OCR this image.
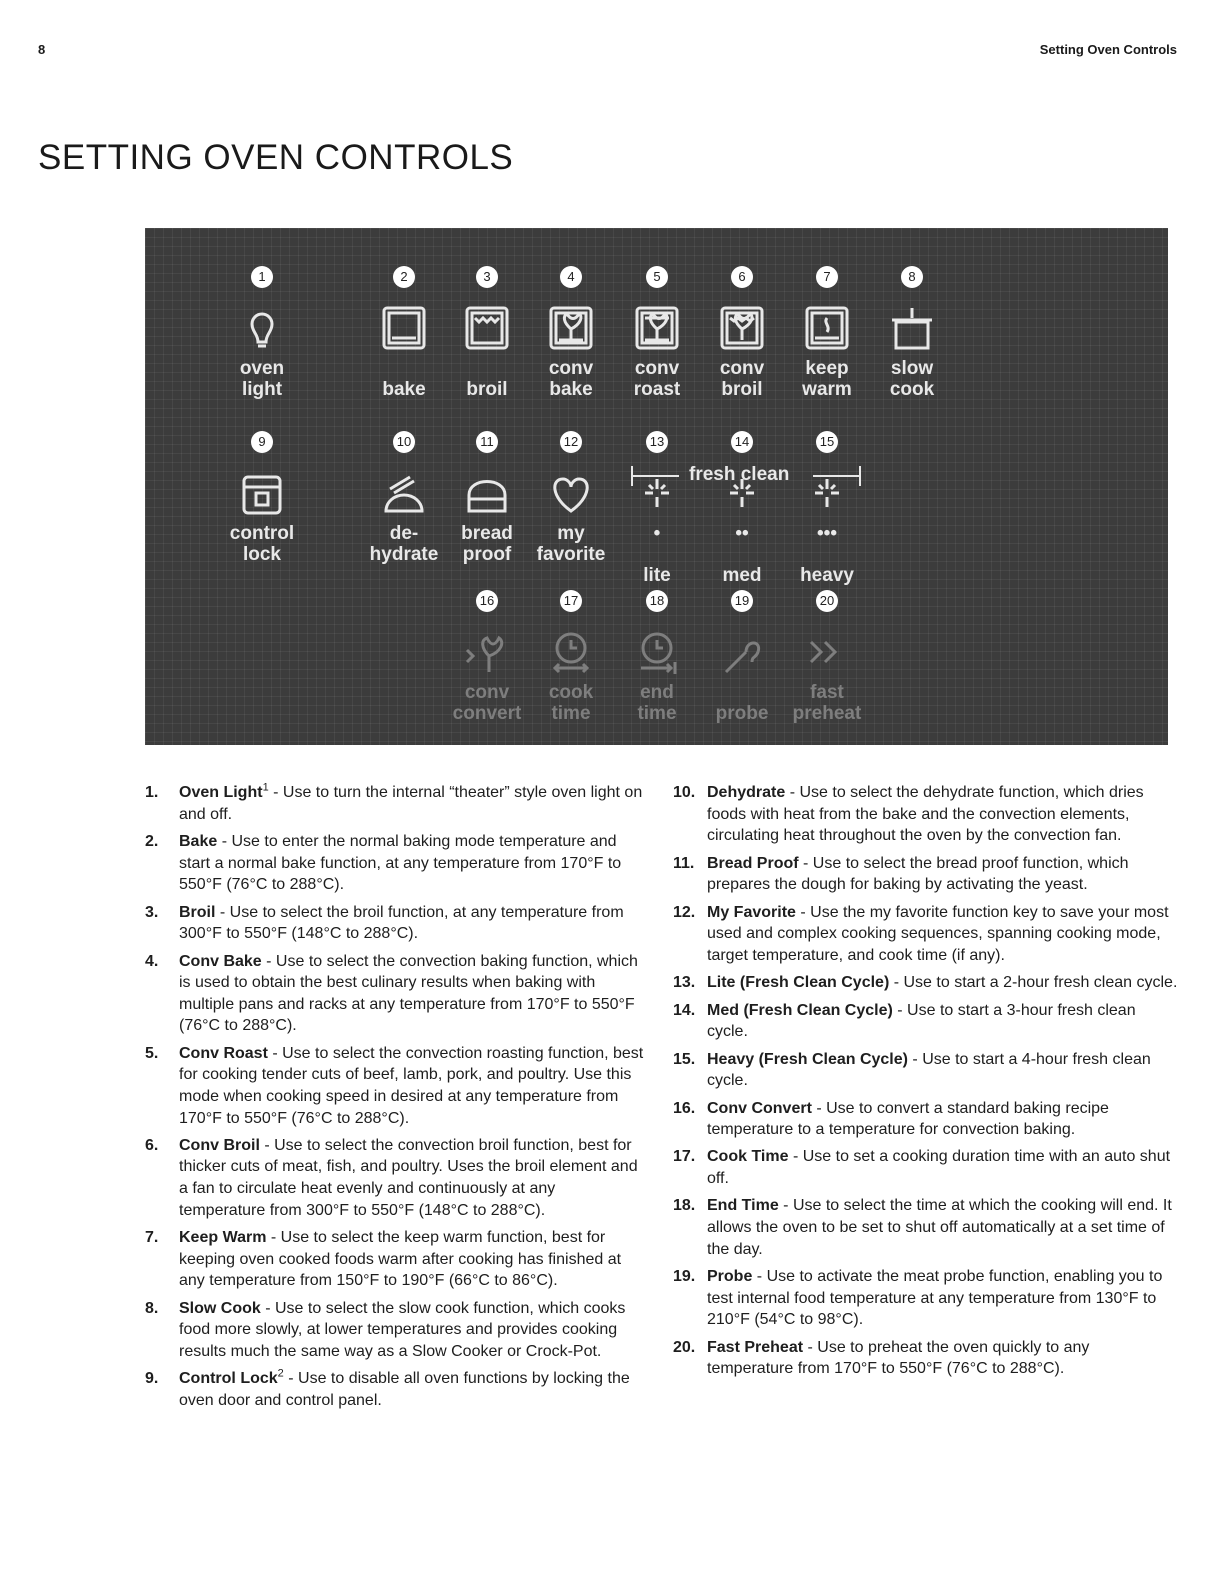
8	Setting Oven Controls
SETTING OVEN CONTROLS
fresh clean
1
oven
light
2

bake
3

broil
4
conv
bake
5
conv
roast
6
conv
broil
7
keep
warm
8
slow
cook
9
control
lock
10
de-
hydrate
11
bread
proof
12
my
favorite
13
•

lite
14
••

med
15
•••

heavy
16
conv
convert
17
cook
time
18
end
time
19

probe
20
fast
preheat
1. Oven Light$^1$ - Use to turn the internal “theater” style oven light on and off.
2. Bake - Use to enter the normal baking mode temperature and start a normal bake function, at any temperature from 170°F to 550°F (76°C to 288°C).
3. Broil - Use to select the broil function, at any temperature from 300°F to 550°F (148°C to 288°C).
4. Conv Bake - Use to select the convection baking function, which is used to obtain the best culinary results when baking with multiple pans and racks at any temperature from 170°F to 550°F (76°C to 288°C).
5. Conv Roast - Use to select the convection roasting function, best for cooking tender cuts of beef, lamb, pork, and poultry. Use this mode when cooking speed in desired at any temperature from 170°F to 550°F (76°C to 288°C).
6. Conv Broil - Use to select the convection broil function, best for thicker cuts of meat, fish, and poultry. Uses the broil element and a fan to circulate heat evenly and continuously at any temperature from 300°F to 550°F (148°C to 288°C).
7. Keep Warm - Use to select the keep warm function, best for keeping oven cooked foods warm after cooking has finished at any temperature from 150°F to 190°F (66°C to 86°C).
8. Slow Cook - Use to select the slow cook function, which cooks food more slowly, at lower temperatures and provides cooking results much the same way as a Slow Cooker or Crock-Pot.
9. Control Lock$^2$ - Use to disable all oven functions by locking the oven door and control panel.
10. Dehydrate - Use to select the dehydrate function, which dries foods with heat from the bake and the convection elements, circulating heat throughout the oven by the convection fan.
11. Bread Proof - Use to select the bread proof function, which prepares the dough for baking by activating the yeast.
12. My Favorite - Use the my favorite function key to save your most used and complex cooking sequences, spanning cooking mode, target temperature, and cook time (if any).
13. Lite (Fresh Clean Cycle) - Use to start a 2-hour fresh clean cycle.
14. Med (Fresh Clean Cycle) - Use to start a 3-hour fresh clean cycle.
15. Heavy (Fresh Clean Cycle) - Use to start a 4-hour fresh clean cycle.
16. Conv Convert - Use to convert a standard baking recipe temperature to a temperature for convection baking.
17. Cook Time - Use to set a cooking duration time with an auto shut off.
18. End Time - Use to select the time at which the cooking will end. It allows the oven to be set to shut off automatically at a set time of the day.
19. Probe - Use to activate the meat probe function, enabling you to test internal food temperature at any temperature from 130°F to 210°F (54°C to 98°C).
20. Fast Preheat - Use to preheat the oven quickly to any temperature from 170°F to 550°F (76°C to 288°C).
